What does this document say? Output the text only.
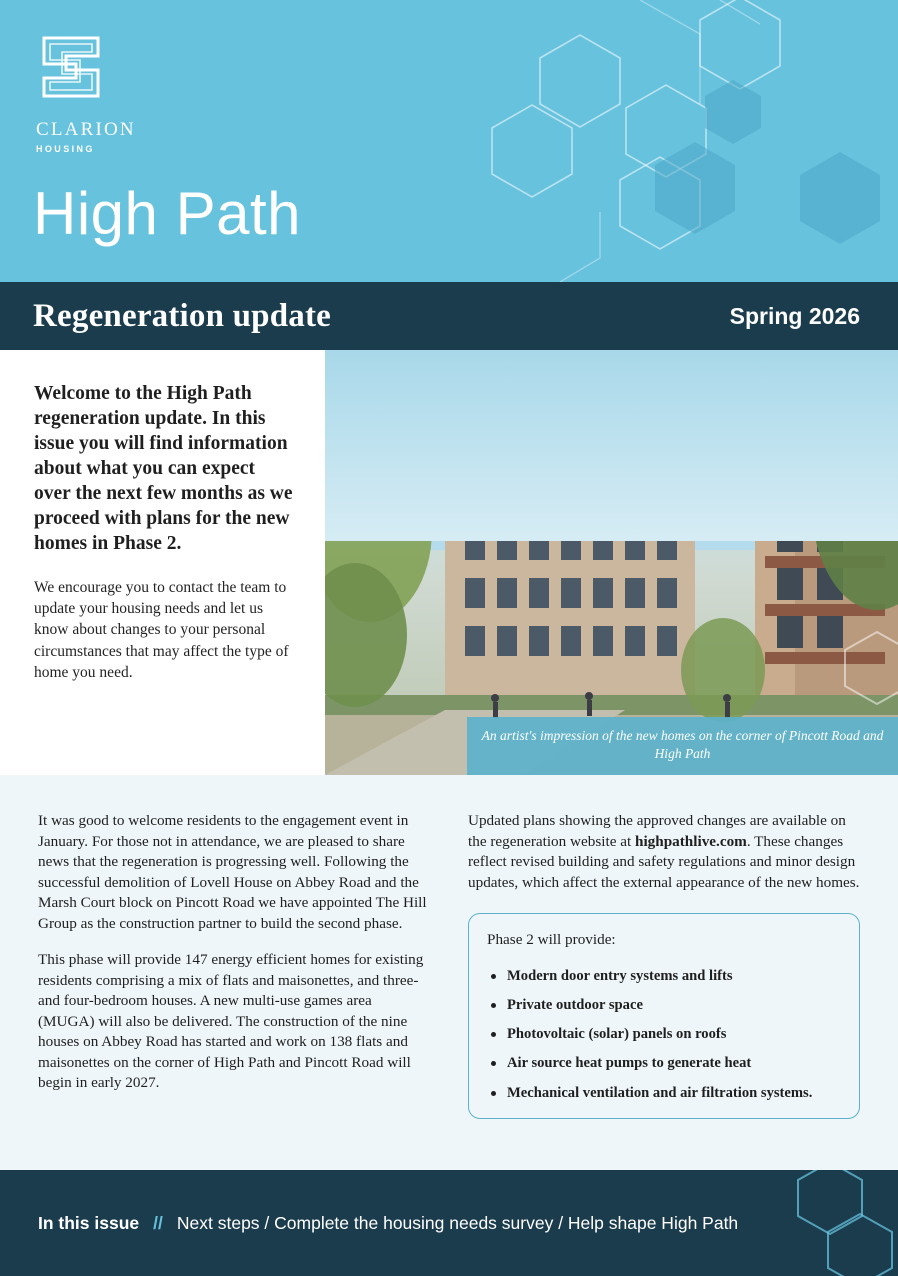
CLARION
HOUSING
High Path
Regeneration update	Spring 2026

Welcome to the High Path regeneration update. In this issue you will find information about what you can expect over the next few months as we proceed with plans for the new homes in Phase 2.

We encourage you to contact the team to update your housing needs and let us know about changes to your personal circumstances that may affect the type of home you need.

An artist's impression of the new homes on the corner of Pincott Road and High Path

It was good to welcome residents to the engagement event in January. For those not in attendance, we are pleased to share news that the regeneration is progressing well. Following the successful demolition of Lovell House on Abbey Road and the Marsh Court block on Pincott Road we have appointed The Hill Group as the construction partner to build the second phase.

This phase will provide 147 energy efficient homes for existing residents comprising a mix of flats and maisonettes, and three- and four-bedroom houses. A new multi-use games area (MUGA) will also be delivered. The construction of the nine houses on Abbey Road has started and work on 138 flats and maisonettes on the corner of High Path and Pincott Road will begin in early 2027.

Updated plans showing the approved changes are available on the regeneration website at highpathlive.com. These changes reflect revised building and safety regulations and minor design updates, which affect the external appearance of the new homes.

Phase 2 will provide:

Modern door entry systems and lifts
Private outdoor space
Photovoltaic (solar) panels on roofs
Air source heat pumps to generate heat
Mechanical ventilation and air filtration systems.
In this issue // Next steps / Complete the housing needs survey / Help shape High Path
